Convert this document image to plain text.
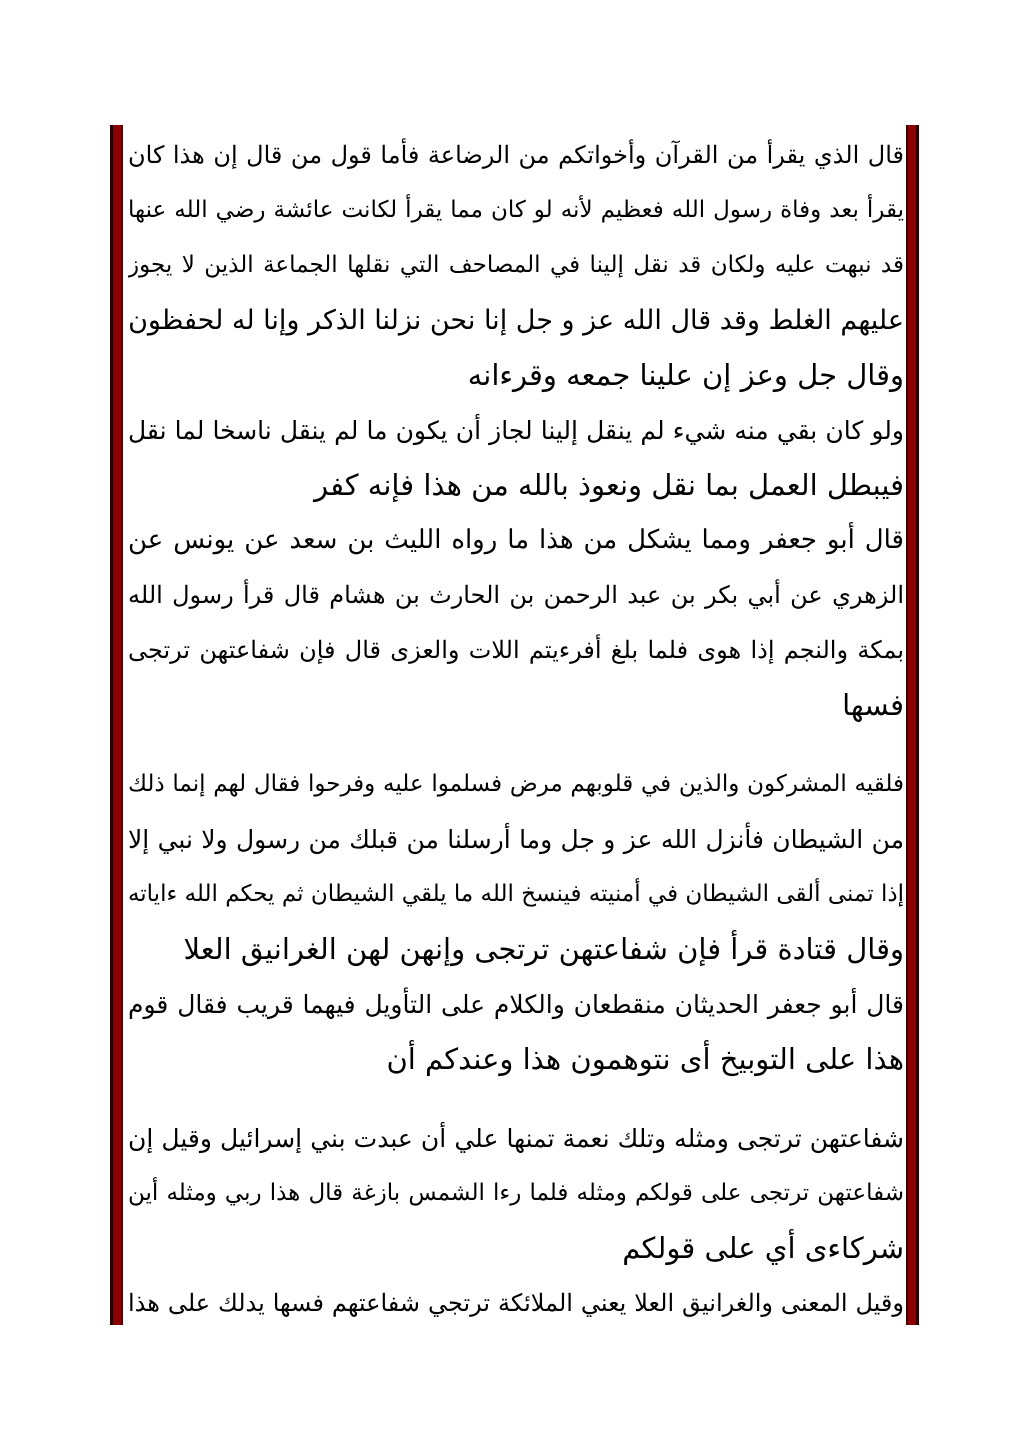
قال الذي يقرأ من القرآن وأخواتكم من الرضاعة فأما قول من قال إن هذا كان
يقرأ بعد وفاة رسول الله فعظيم لأنه لو كان مما يقرأ لكانت عائشة رضي الله عنها
قد نبهت عليه ولكان قد نقل إلينا في المصاحف التي نقلها الجماعة الذين لا يجوز
عليهم الغلط وقد قال الله عز و جل إنا نحن نزلنا الذكر وإنا له لحفظون
وقال جل وعز إن علينا جمعه وقرءانه
ولو كان بقي منه شيء لم ينقل إلينا لجاز أن يكون ما لم ينقل ناسخا لما نقل
فيبطل العمل بما نقل ونعوذ بالله من هذا فإنه كفر
قال أبو جعفر ومما يشكل من هذا ما رواه الليث بن سعد عن يونس عن
الزهري عن أبي بكر بن عبد الرحمن بن الحارث بن هشام قال قرأ رسول الله
بمكة والنجم إذا هوى فلما بلغ أفرءيتم اللات والعزى قال فإن شفاعتهن ترتجى
فسها
فلقيه المشركون والذين في قلوبهم مرض فسلموا عليه وفرحوا فقال لهم إنما ذلك
من الشيطان فأنزل الله عز و جل وما أرسلنا من قبلك من رسول ولا نبي إلا
إذا تمنى ألقى الشيطان في أمنيته فينسخ الله ما يلقي الشيطان ثم يحكم الله ءاياته
وقال قتادة قرأ فإن شفاعتهن ترتجى وإنهن لهن الغرانيق العلا
قال أبو جعفر الحديثان منقطعان والكلام على التأويل فيهما قريب فقال قوم
هذا على التوبيخ أى نتوهمون هذا وعندكم أن
شفاعتهن ترتجى ومثله وتلك نعمة تمنها علي أن عبدت بني إسرائيل وقيل إن
شفاعتهن ترتجى على قولكم ومثله فلما رءا الشمس بازغة قال هذا ربي ومثله أين
شركاءى أي على قولكم
وقيل المعنى والغرانيق العلا يعني الملائكة ترتجي شفاعتهم فسها يدلك على هذا
